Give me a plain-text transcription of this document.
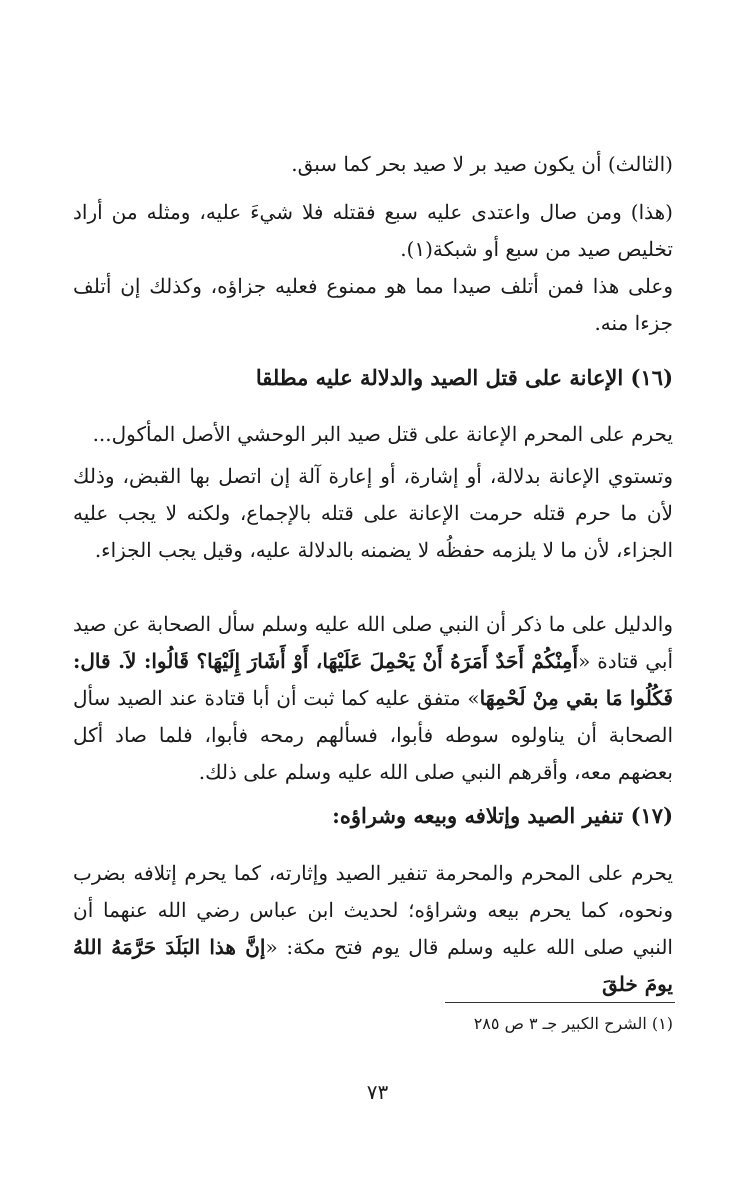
(الثالث) أن يكون صيد بر لا صيد بحر كما سبق.

(هذا) ومن صال واعتدى عليه سبع فقتله فلا شيءَ عليه، ومثله من أراد تخليص صيد من سبع أو شبكة(١).

وعلى هذا فمن أتلف صيدا مما هو ممنوع فعليه جزاؤه، وكذلك إن أتلف جزءا منه.

(١٦) الإعانة على قتل الصيد والدلالة عليه مطلقا

يحرم على المحرم الإعانة على قتل صيد البر الوحشي الأصل المأكول...

وتستوي الإعانة بدلالة، أو إشارة، أو إعارة آلة إن اتصل بها القبض، وذلك لأن ما حرم قتله حرمت الإعانة على قتله بالإجماع، ولكنه لا يجب عليه الجزاء، لأن ما لا يلزمه حفظُه لا يضمنه بالدلالة عليه، وقيل يجب الجزاء.

والدليل على ما ذكر أن النبي صلى الله عليه وسلم سأل الصحابة عن صيد أبي قتادة «أَمِنْكُمْ أَحَدٌ أَمَرَهُ أَنْ يَحْمِلَ عَلَيْهَا، أَوْ أَشَارَ إِلَيْهَا؟ قَالُوا: لاَ. قال: فَكُلُوا مَا بقي مِنْ لَحْمِهَا» متفق عليه كما ثبت أن أبا قتادة عند الصيد سأل الصحابة أن يناولوه سوطه فأبوا، فسألهم رمحه فأبوا، فلما صاد أكل بعضهم معه، وأقرهم النبي صلى الله عليه وسلم على ذلك.

(١٧) تنفير الصيد وإتلافه وبيعه وشراؤه:

يحرم على المحرم والمحرمة تنفير الصيد وإثارته، كما يحرم إتلافه بضرب ونحوه، كما يحرم بيعه وشراؤه؛ لحديث ابن عباس رضي الله عنهما أن النبي صلى الله عليه وسلم قال يوم فتح مكة: «إنَّ هذا البَلَدَ حَرَّمَهُ اللهُ يومَ خلقَ

(١) الشرح الكبير جـ ٣ ص ٢٨٥
٧٣
